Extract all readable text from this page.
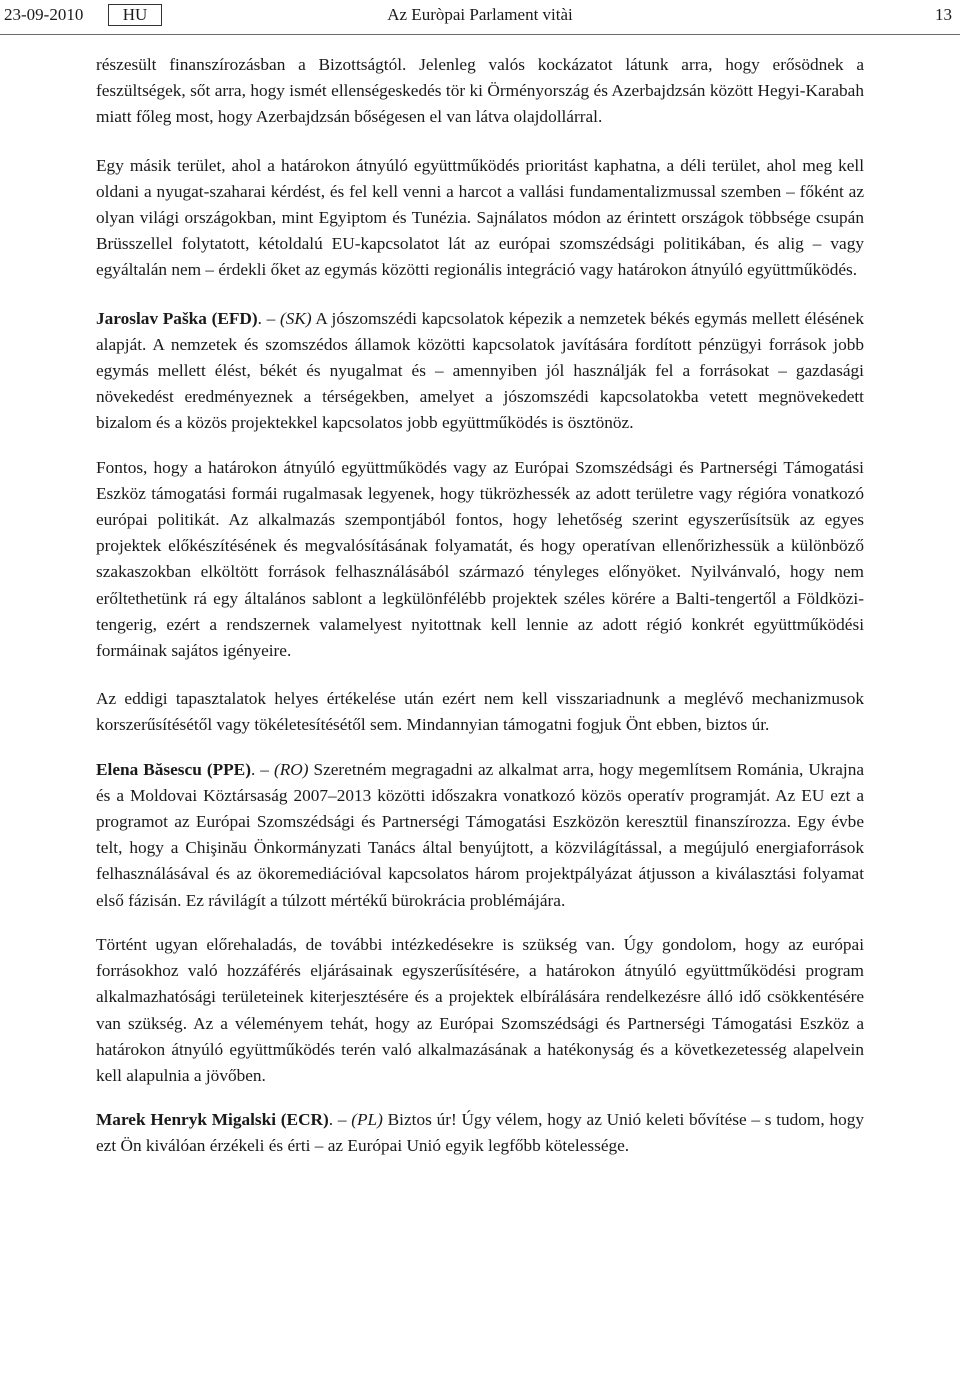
23-09-2010	HU	Az Euròpai Parlament vitài	13

részesült finanszírozásban a Bizottságtól. Jelenleg valós kockázatot látunk arra, hogy erősödnek a feszültségek, sőt arra, hogy ismét ellenségeskedés tör ki Örményország és Azerbajdzsán között Hegyi-Karabah miatt főleg most, hogy Azerbajdzsán bőségesen el van látva olajdollárral.

Egy másik terület, ahol a határokon átnyúló együttműködés prioritást kaphatna, a déli terület, ahol meg kell oldani a nyugat-szaharai kérdést, és fel kell venni a harcot a vallási fundamentalizmussal szemben – főként az olyan világi országokban, mint Egyiptom és Tunézia. Sajnálatos módon az érintett országok többsége csupán Brüsszellel folytatott, kétoldalú EU-kapcsolatot lát az európai szomszédsági politikában, és alig – vagy egyáltalán nem – érdekli őket az egymás közötti regionális integráció vagy határokon átnyúló együttműködés.

Jaroslav Paška (EFD). – (SK) A jószomszédi kapcsolatok képezik a nemzetek békés egymás mellett élésének alapját. A nemzetek és szomszédos államok közötti kapcsolatok javítására fordított pénzügyi források jobb egymás mellett élést, békét és nyugalmat és – amennyiben jól használják fel a forrásokat – gazdasági növekedést eredményeznek a térségekben, amelyet a jószomszédi kapcsolatokba vetett megnövekedett bizalom és a közös projektekkel kapcsolatos jobb együttműködés is ösztönöz.

Fontos, hogy a határokon átnyúló együttműködés vagy az Európai Szomszédsági és Partnerségi Támogatási Eszköz támogatási formái rugalmasak legyenek, hogy tükrözhessék az adott területre vagy régióra vonatkozó európai politikát. Az alkalmazás szempontjából fontos, hogy lehetőség szerint egyszerűsítsük az egyes projektek előkészítésének és megvalósításának folyamatát, és hogy operatívan ellenőrizhessük a különböző szakaszokban elköltött források felhasználásából származó tényleges előnyöket. Nyilvánvaló, hogy nem erőltethetünk rá egy általános sablont a legkülönfélébb projektek széles körére a Balti-tengertől a Földközi-tengerig, ezért a rendszernek valamelyest nyitottnak kell lennie az adott régió konkrét együttműködési formáinak sajátos igényeire.

Az eddigi tapasztalatok helyes értékelése után ezért nem kell visszariadnunk a meglévő mechanizmusok korszerűsítésétől vagy tökéletesítésétől sem. Mindannyian támogatni fogjuk Önt ebben, biztos úr.

Elena Băsescu (PPE). – (RO) Szeretném megragadni az alkalmat arra, hogy megemlítsem Románia, Ukrajna és a Moldovai Köztársaság 2007–2013 közötti időszakra vonatkozó közös operatív programját. Az EU ezt a programot az Európai Szomszédsági és Partnerségi Támogatási Eszközön keresztül finanszírozza. Egy évbe telt, hogy a Chişinău Önkormányzati Tanács által benyújtott, a közvilágítással, a megújuló energiaforrások felhasználásával és az ökoremediációval kapcsolatos három projektpályázat átjusson a kiválasztási folyamat első fázisán. Ez rávilágít a túlzott mértékű bürokrácia problémájára.

Történt ugyan előrehaladás, de további intézkedésekre is szükség van. Úgy gondolom, hogy az európai forrásokhoz való hozzáférés eljárásainak egyszerűsítésére, a határokon átnyúló együttműködési program alkalmazhatósági területeinek kiterjesztésére és a projektek elbírálására rendelkezésre álló idő csökkentésére van szükség. Az a véleményem tehát, hogy az Európai Szomszédsági és Partnerségi Támogatási Eszköz a határokon átnyúló együttműködés terén való alkalmazásának a hatékonyság és a következetesség alapelvein kell alapulnia a jövőben.

Marek Henryk Migalski (ECR). – (PL) Biztos úr! Úgy vélem, hogy az Unió keleti bővítése – s tudom, hogy ezt Ön kiválóan érzékeli és érti – az Európai Unió egyik legfőbb kötelessége.
